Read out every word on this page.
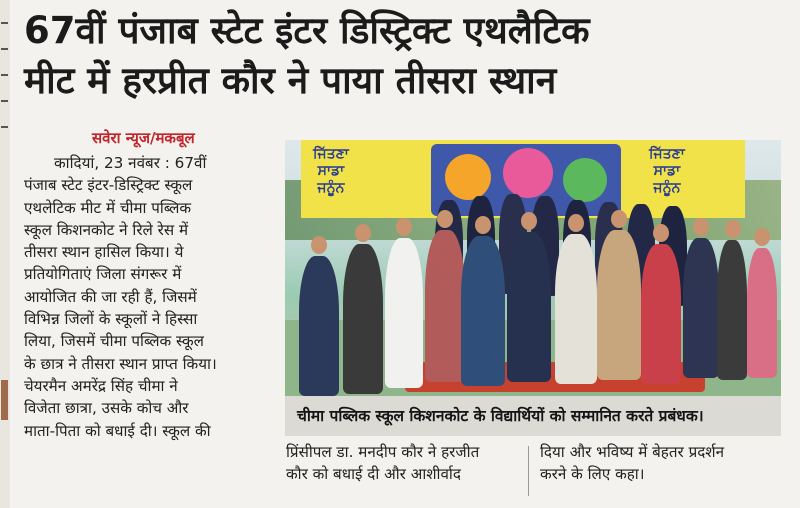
67वीं पंजाब स्टेट इंटर डिस्ट्रिक्ट एथलैटिक
मीट में हरप्रीत कौर ने पाया तीसरा स्थान
सवेरा न्यूज/मकबूल

कादियां, 23 नवंबर : 67वीं

पंजाब स्टेट इंटर-डिस्ट्रिक्ट स्कूल

एथलेटिक मीट में चीमा पब्लिक

स्कूल किशनकोट ने रिले रेस में

तीसरा स्थान हासिल किया। ये

प्रतियोगिताएं जिला संगरूर में

आयोजित की जा रही हैं, जिसमें

विभिन्न जिलों के स्कूलों ने हिस्सा

लिया, जिसमें चीमा पब्लिक स्कूल

के छात्र ने तीसरा स्थान प्राप्त किया।

चेयरमैन अमरेंद्र सिंह चीमा ने

विजेता छात्रा, उसके कोच और

माता-पिता को बधाई दी। स्कूल की

ਜਿੱਤਣਾ
ਸਾਡਾ
ਜਨੂੰਨ
ਜਿੱਤਣਾ
ਸਾਡਾ
ਜਨੂੰਨ
चीमा पब्लिक स्कूल किशनकोट के विद्यार्थियों को सम्मानित करते प्रबंधक।

प्रिंसीपल डा. मनदीप कौर ने हरजीत

कौर को बधाई दी और आशीर्वाद

दिया और भविष्य में बेहतर प्रदर्शन

करने के लिए कहा।
